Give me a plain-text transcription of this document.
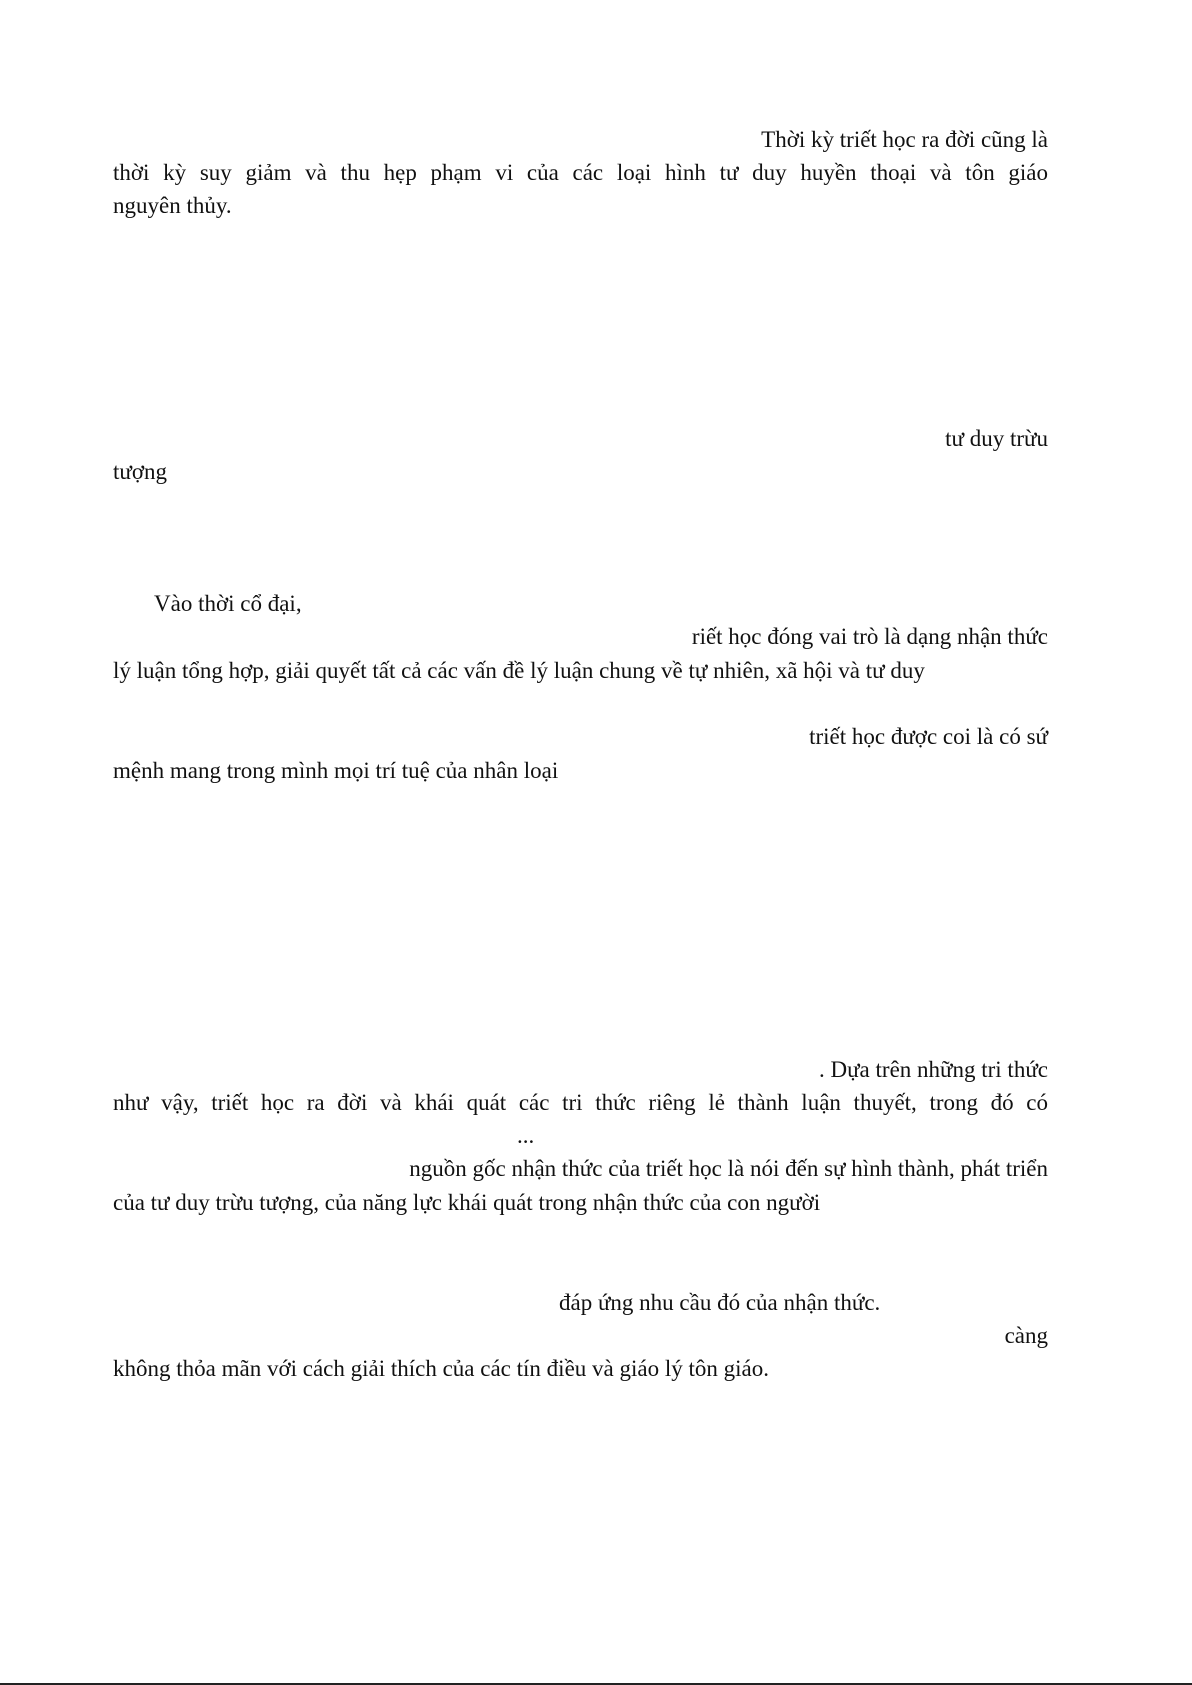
Thời kỳ triết học ra đời cũng là

thời kỳ suy giảm và thu hẹp phạm vi của các loại hình tư duy huyền thoại và tôn giáo

nguyên thủy.

tư duy trừu

tượng

Vào thời cổ đại,

riết học đóng vai trò là dạng nhận thức

lý luận tổng hợp, giải quyết tất cả các vấn đề lý luận chung về tự nhiên, xã hội và tư duy

triết học được coi là có sứ

mệnh mang trong mình mọi trí tuệ của nhân loại

. Dựa trên những tri thức

như vậy, triết học ra đời và khái quát các tri thức riêng lẻ thành luận thuyết, trong đó có

...

nguồn gốc nhận thức của triết học là nói đến sự hình thành, phát triển

của tư duy trừu tượng, của năng lực khái quát trong nhận thức của con người

đáp ứng nhu cầu đó của nhận thức.

càng

không thỏa mãn với cách giải thích của các tín điều và giáo lý tôn giáo.
